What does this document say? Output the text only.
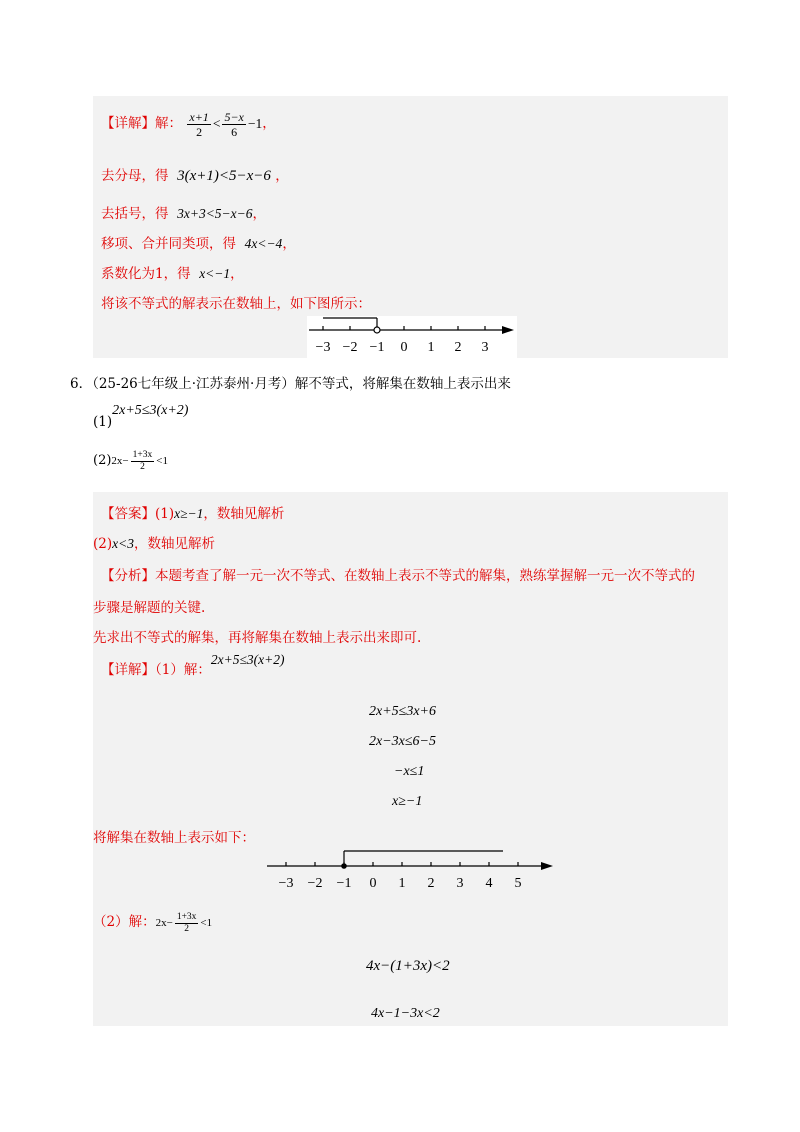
【详解】解： $\frac{x+1}{2} < \frac{5-x}{6} -1$，
去分母，得 3(x+1)<5−x−6 ，
去括号，得 3x+3<5−x−6，
移项、合并同类项，得 4x<−4，
系数化为1，得 x<−1，
将该不等式的解表示在数轴上，如下图所示：
−3 −2 −1 0 1 2 3
6．（25-26七年级上·江苏泰州·月考）解不等式，将解集在数轴上表示出来
(1)2x+5≤3(x+2)
$(2)2x- \frac{1+3x}{2} <1$
【答案】(1)x≥−1，数轴见解析
(2)x<3，数轴见解析
【分析】本题考查了解一元一次不等式、在数轴上表示不等式的解集，熟练掌握解一元一次不等式的
步骤是解题的关键.
先求出不等式的解集，再将解集在数轴上表示出来即可.
【详解】（1）解：2x+5≤3(x+2)
2x+5≤3x+6
2x−3x≤6−5
−x≤1
x≥−1
将解集在数轴上表示如下：
−3 −2 −1 0 1 2 3 4 5
（2）解：$2x- \frac{1+3x}{2} <1$
4x−(1+3x)<2
4x−1−3x<2
